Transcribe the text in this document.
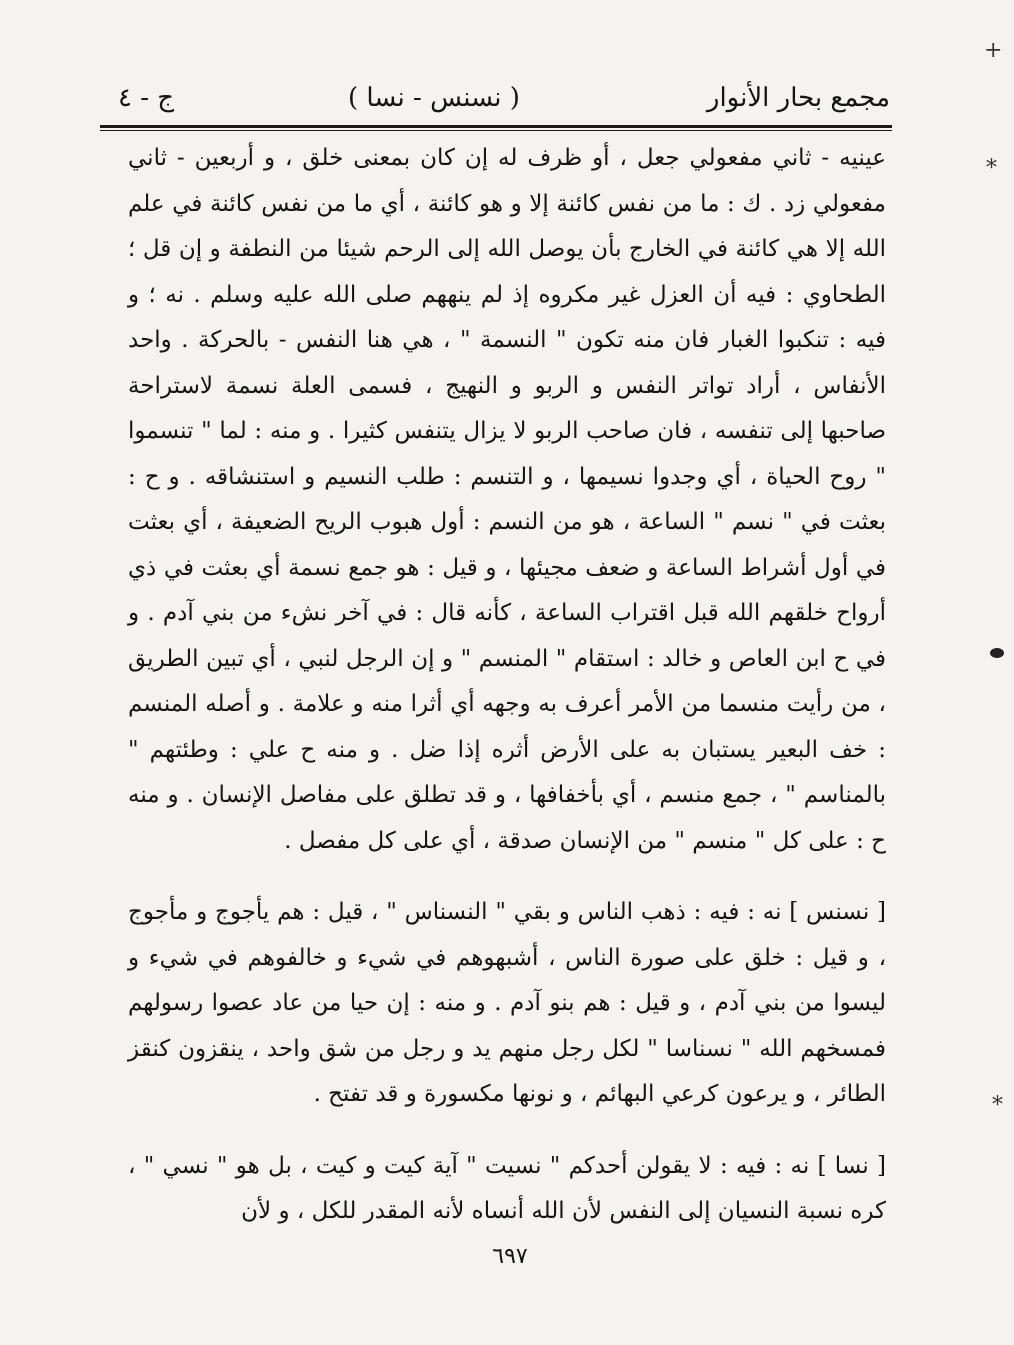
مجمع بحار الأنوار
( نسنس - نسا )
ج - ٤

عينيه - ثاني مفعولي جعل ، أو ظرف له إن كان بمعنى خلق ، و أربعين - ثاني مفعولي زد . ك : ما من نفس كائنة إلا و هو كائنة ، أي ما من نفس كائنة في علم الله إلا هي كائنة في الخارج بأن يوصل الله إلى الرحم شيئا من النطفة و إن قل ؛ الطحاوي : فيه أن العزل غير مكروه إذ لم ينههم صلى الله عليه وسلم . نه ؛ و فيه : تنكبوا الغبار فان منه تكون " النسمة " ، هي هنا النفس - بالحركة . واحد الأنفاس ، أراد تواتر النفس و الربو و النهيج ، فسمى العلة نسمة لاستراحة صاحبها إلى تنفسه ، فان صاحب الربو لا يزال يتنفس كثيرا . و منه : لما " تنسموا " روح الحياة ، أي وجدوا نسيمها ، و التنسم : طلب النسيم و استنشاقه . و ح : بعثت في " نسم " الساعة ، هو من النسم : أول هبوب الريح الضعيفة ، أي بعثت في أول أشراط الساعة و ضعف مجيئها ، و قيل : هو جمع نسمة أي بعثت في ذي أرواح خلقهم الله قبل اقتراب الساعة ، كأنه قال : في آخر نشء من بني آدم . و في ح ابن العاص و خالد : استقام " المنسم " و إن الرجل لنبي ، أي تبين الطريق ، من رأيت منسما من الأمر أعرف به وجهه أي أثرا منه و علامة . و أصله المنسم : خف البعير يستبان به على الأرض أثره إذا ضل . و منه ح علي : وطئتهم " بالمناسم " ، جمع منسم ، أي بأخفافها ، و قد تطلق على مفاصل الإنسان . و منه ح : على كل " منسم " من الإنسان صدقة ، أي على كل مفصل .

[ نسنس ] نه : فيه : ذهب الناس و بقي " النسناس " ، قيل : هم يأجوج و مأجوج ، و قيل : خلق على صورة الناس ، أشبهوهم في شيء و خالفوهم في شيء و ليسوا من بني آدم ، و قيل : هم بنو آدم . و منه : إن حيا من عاد عصوا رسولهم فمسخهم الله " نسناسا " لكل رجل منهم يد و رجل من شق واحد ، ينقزون كنقز الطائر ، و يرعون كرعي البهائم ، و نونها مكسورة و قد تفتح .

[ نسا ] نه : فيه : لا يقولن أحدكم " نسيت " آية كيت و كيت ، بل هو " نسي " ، كره نسبة النسيان إلى النفس لأن الله أنساه لأنه المقدر للكل ، و لأن

٦٩٧
+
*
*
